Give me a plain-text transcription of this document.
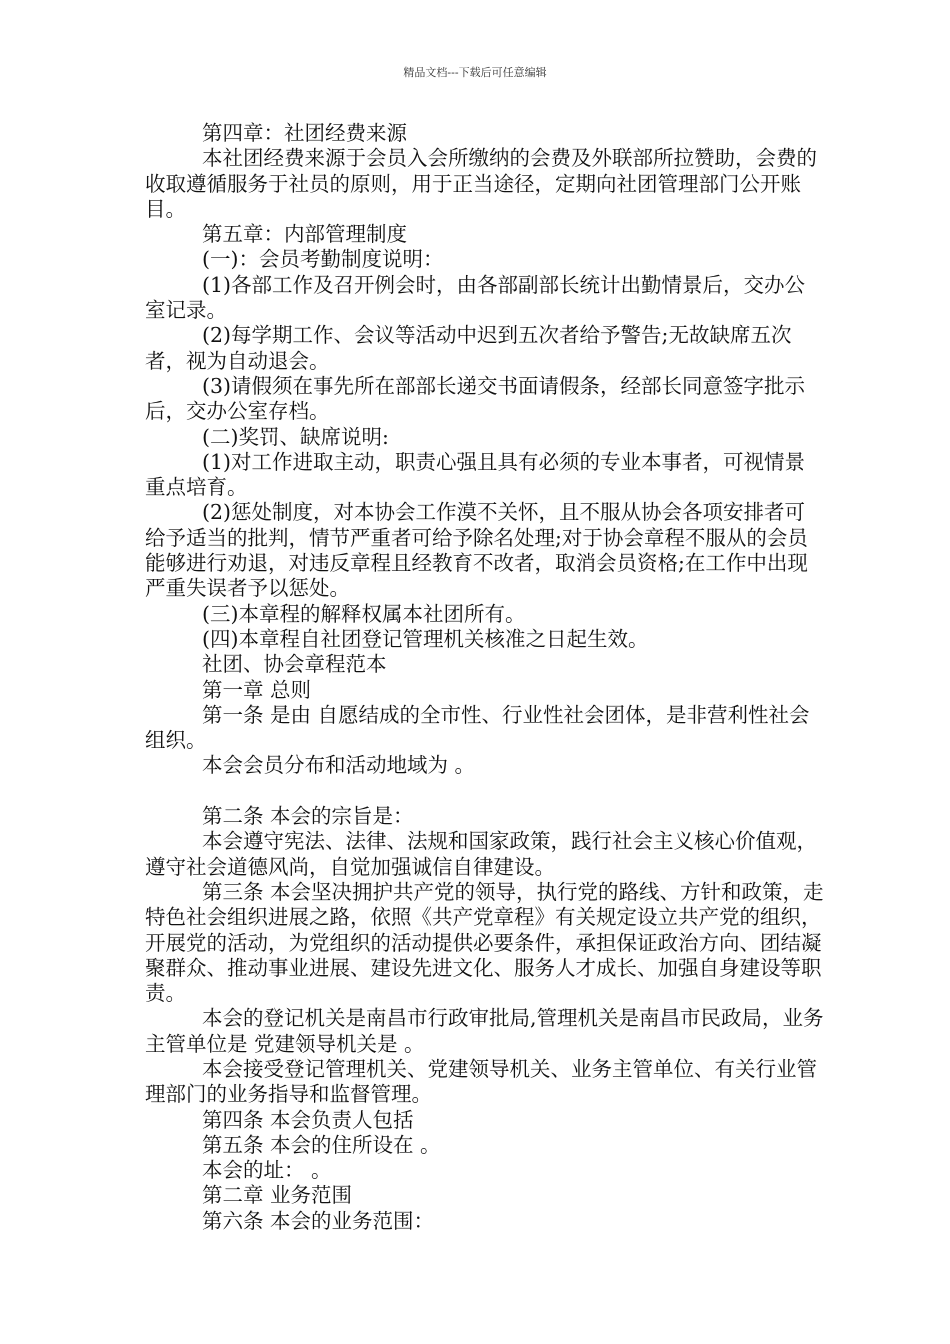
精品文档---下载后可任意编辑

第四章：社团经费来源

本社团经费来源于会员入会所缴纳的会费及外联部所拉赞助，会费的收取遵循服务于社员的原则，用于正当途径，定期向社团管理部门公开账目。

第五章：内部管理制度

(一)：会员考勤制度说明：

(1)各部工作及召开例会时，由各部副部长统计出勤情景后，交办公室记录。

(2)每学期工作、会议等活动中迟到五次者给予警告;无故缺席五次者，视为自动退会。

(3)请假须在事先所在部部长递交书面请假条，经部长同意签字批示后，交办公室存档。

(二)奖罚、缺席说明:

(1)对工作进取主动，职责心强且具有必须的专业本事者，可视情景重点培育。

(2)惩处制度，对本协会工作漠不关怀，且不服从协会各项安排者可给予适当的批判，情节严重者可给予除名处理;对于协会章程不服从的会员能够进行劝退，对违反章程且经教育不改者，取消会员资格;在工作中出现严重失误者予以惩处。

(三)本章程的解释权属本社团所有。

(四)本章程自社团登记管理机关核准之日起生效。

社团、协会章程范本

第一章 总则

第一条 是由 自愿结成的全市性、行业性社会团体，是非营利性社会组织。

本会会员分布和活动地域为 。

第二条 本会的宗旨是：

本会遵守宪法、法律、法规和国家政策，践行社会主义核心价值观，遵守社会道德风尚，自觉加强诚信自律建设。

第三条 本会坚决拥护共产党的领导，执行党的路线、方针和政策，走特色社会组织进展之路，依照《共产党章程》有关规定设立共产党的组织，开展党的活动，为党组织的活动提供必要条件，承担保证政治方向、团结凝聚群众、推动事业进展、建设先进文化、服务人才成长、加强自身建设等职责。

本会的登记机关是南昌市行政审批局,管理机关是南昌市民政局，业务主管单位是 党建领导机关是 。

本会接受登记管理机关、党建领导机关、业务主管单位、有关行业管理部门的业务指导和监督管理。

第四条 本会负责人包括

第五条 本会的住所设在 。

本会的址： 。

第二章 业务范围

第六条 本会的业务范围：
